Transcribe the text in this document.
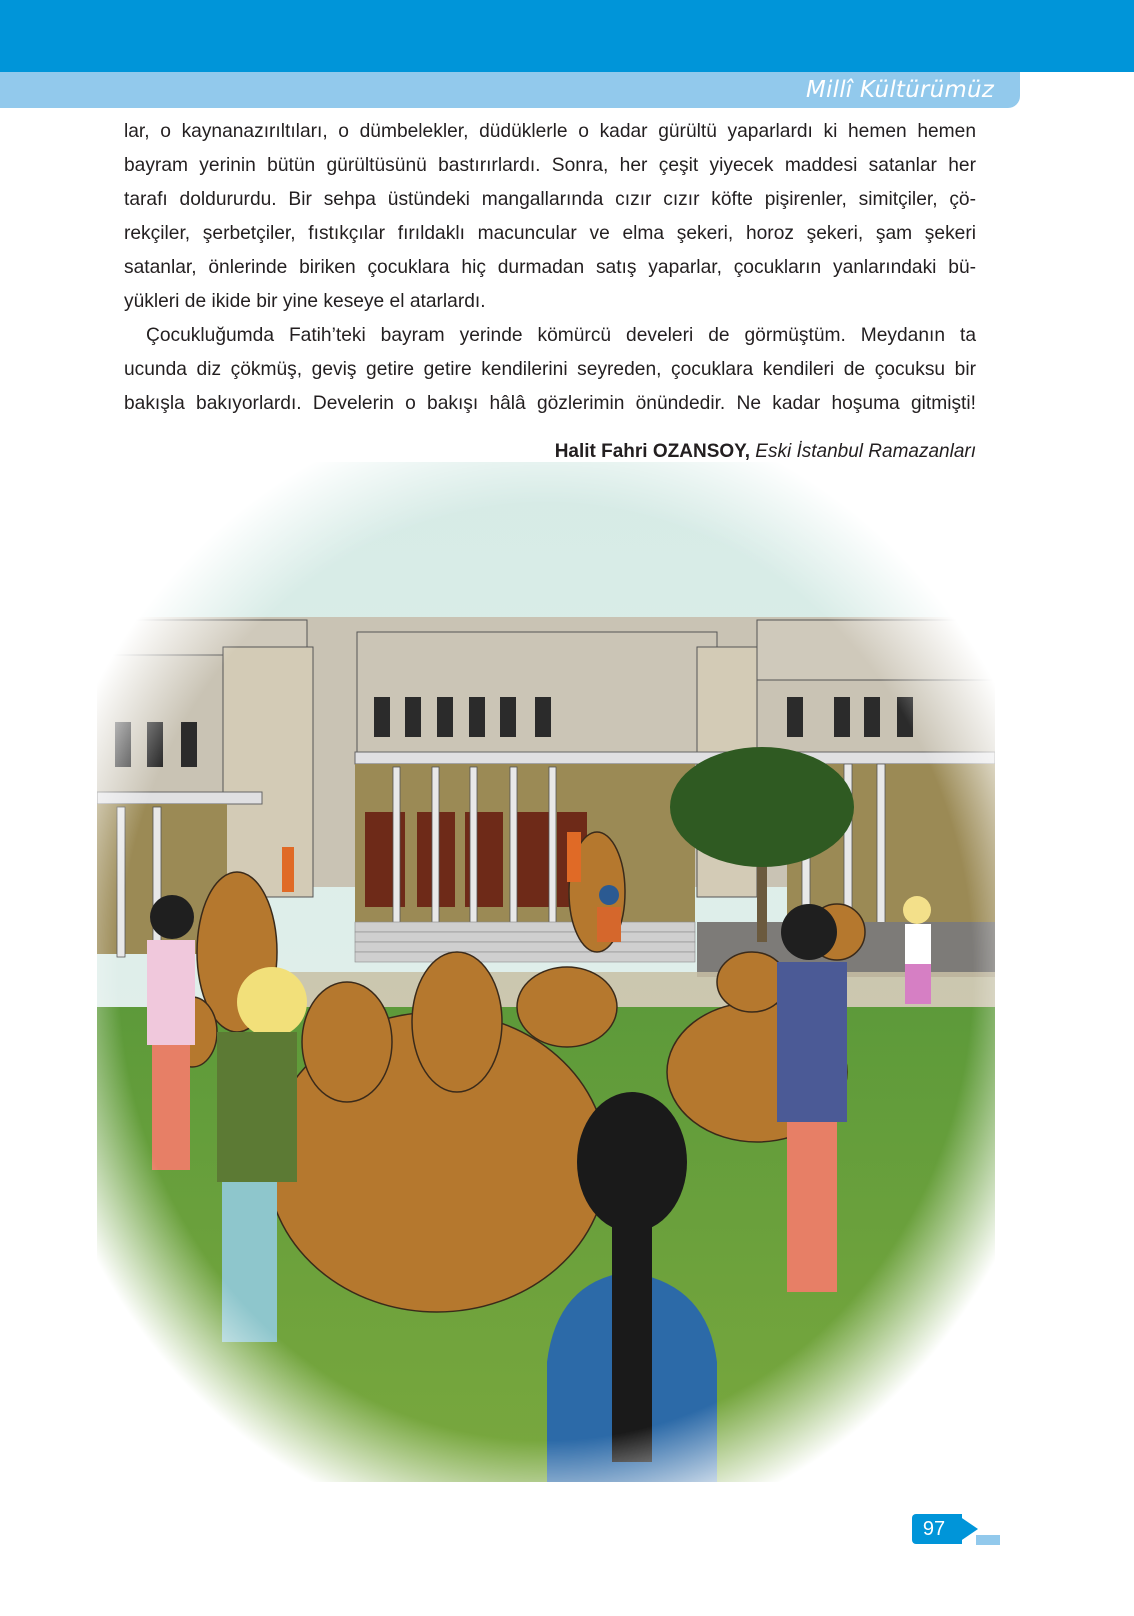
Millî Kültürümüz
lar, o kaynanazırıltıları, o dümbelekler, düdüklerle o kadar gürültü yaparlardı ki hemen hemen
bayram yerinin bütün gürültüsünü bastırırlardı. Sonra, her çeşit yiyecek maddesi satanlar her
tarafı doldururdu. Bir sehpa üstündeki mangallarında cızır cızır köfte pişirenler, simitçiler, çö-
rekçiler, şerbetçiler, fıstıkçılar fırıldaklı macuncular ve elma şekeri, horoz şekeri, şam şekeri
satanlar, önlerinde biriken çocuklara hiç durmadan satış yaparlar, çocukların yanlarındaki bü-
yükleri de ikide bir yine keseye el atarlardı.
Çocukluğumda Fatih’teki bayram yerinde kömürcü develeri de görmüştüm. Meydanın ta
ucunda diz çökmüş, geviş getire getire kendilerini seyreden, çocuklara kendileri de çocuksu bir
bakışla bakıyorlardı. Develerin o bakışı hâlâ gözlerimin önündedir. Ne kadar hoşuma gitmişti!
Halit Fahri OZANSOY, Eski İstanbul Ramazanları
97
